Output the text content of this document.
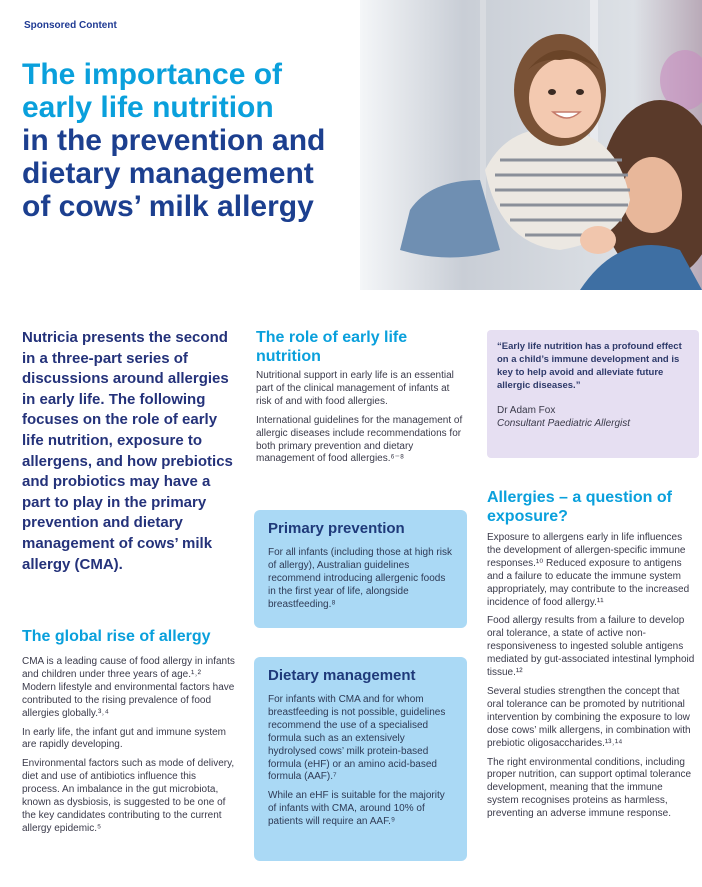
Sponsored Content
The importance of
early life nutrition
in the prevention and
dietary management
of cows’ milk allergy

Nutricia presents the second in a three-part series of discussions around allergies in early life. The following focuses on the role of early life nutrition, exposure to allergens, and how prebiotics and probiotics may have a part to play in the primary prevention and dietary management of cows’ milk allergy (CMA).

The global rise of allergy

CMA is a leading cause of food allergy in infants and children under three years of age.¹˒² Modern lifestyle and environmental factors have contributed to the rising prevalence of food allergies globally.³˒⁴

In early life, the infant gut and immune system are rapidly developing.

Environmental factors such as mode of delivery, diet and use of antibiotics influence this process. An imbalance in the gut microbiota, known as dysbiosis, is suggested to be one of the key candidates contributing to the current allergy epidemic.⁵

The role of early life nutrition

Nutritional support in early life is an essential part of the clinical management of infants at risk of and with food allergies.

International guidelines for the management of allergic diseases include recommendations for both primary prevention and dietary management of food allergies.⁶⁻⁸

Primary prevention

For all infants (including those at high risk of allergy), Australian guidelines recommend introducing allergenic foods in the first year of life, alongside breastfeeding.⁸

Dietary management

For infants with CMA and for whom breastfeeding is not possible, guidelines recommend the use of a specialised formula such as an extensively hydrolysed cows’ milk protein-based formula (eHF) or an amino acid-based formula (AAF).⁷

While an eHF is suitable for the majority of infants with CMA, around 10% of patients will require an AAF.⁹

“Early life nutrition has a profound effect on a child’s immune development and is key to help avoid and alleviate future allergic diseases.”

Dr Adam Fox

Consultant Paediatric Allergist

Allergies – a question of exposure?

Exposure to allergens early in life influences the development of allergen-specific immune responses.¹⁰ Reduced exposure to antigens and a failure to educate the immune system appropriately, may contribute to the increased incidence of food allergy.¹¹

Food allergy results from a failure to develop oral tolerance, a state of active non-responsiveness to ingested soluble antigens mediated by gut-associated intestinal lymphoid tissue.¹²

Several studies strengthen the concept that oral tolerance can be promoted by nutritional intervention by combining the exposure to low dose cows’ milk allergens, in combination with prebiotic oligosaccharides.¹³˒¹⁴

The right environmental conditions, including proper nutrition, can support optimal tolerance development, meaning that the immune system recognises proteins as harmless, preventing an adverse immune response.
